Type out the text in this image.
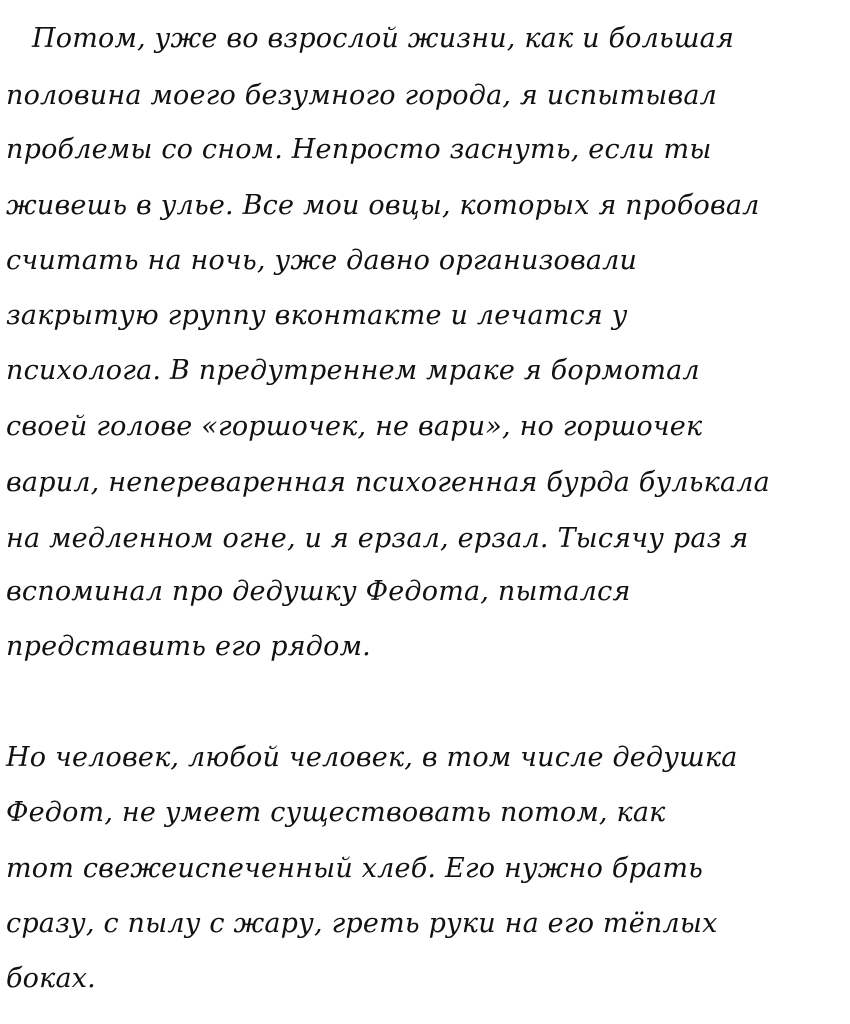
Потом, уже во взрослой жизни, как и большая

половина моего безумного города, я испытывал

проблемы со сном. Непросто заснуть, если ты

живешь в улье. Все мои овцы, которых я пробовал

считать на ночь, уже давно организовали

закрытую группу вконтакте и лечатся у

психолога. В предутреннем мраке я бормотал

своей голове «горшочек, не вари», но горшочек

варил, непереваренная психогенная бурда булькала

на медленном огне, и я ерзал, ерзал. Тысячу раз я

вспоминал про дедушку Федота, пытался

представить его рядом.

Но человек, любой человек, в том числе дедушка

Федот, не умеет существовать потом, как

тот свежеиспеченный хлеб. Его нужно брать

сразу, с пылу с жару, греть руки на его тёплых

боках.
